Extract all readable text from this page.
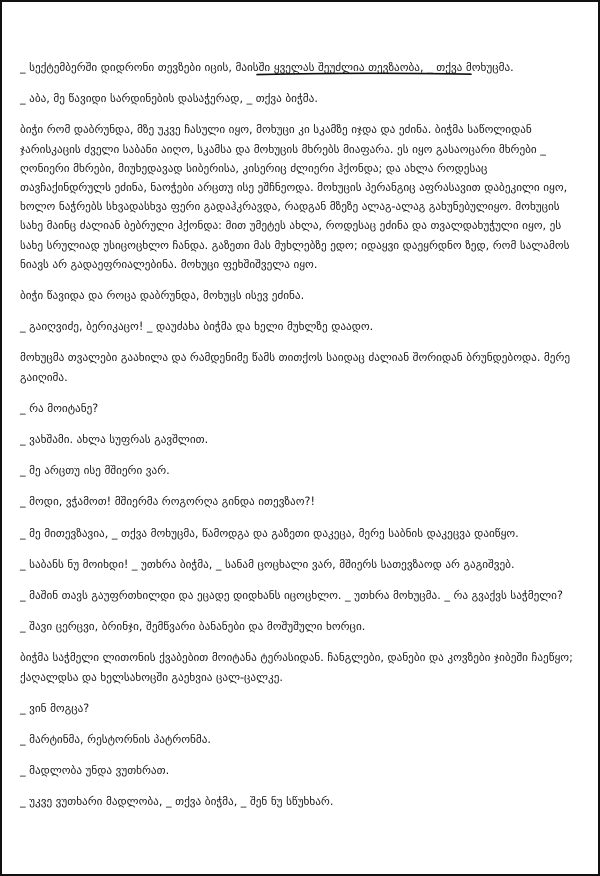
_ სექტემბერში დიდრონი თევზები იცის, მაისში ყველას შეუძლია თევზაობა, _ თქვა მოხუცმა.

_ აბა, მე წავიდი სარდინების დასაჭერად, _ თქვა ბიჭმა.

ბიჭი რომ დაბრუნდა, მზე უკვე ჩასული იყო, მოხუცი კი სკამზე იჯდა და ეძინა. ბიჭმა საწოლიდან ჯარისკაცის ძველი საბანი აიღო, სკამსა და მოხუცის მხრებს მიაფარა. ეს იყო გასაოცარი მხრები _ ღონიერი მხრები, მიუხედავად სიბერისა, კისერიც ძლიერი ჰქონდა; და ახლა როდესაც თავჩაქინდრულს ეძინა, ნაოჭები არცთუ ისე ეშჩნეოდა. მოხუცის პერანგიც აფრასავით დაბეკილი იყო, ხოლო ნაჭრებს სხვადასხვა ფერი გადაჰკრავდა, რადგან მზეზე ალაგ-ალაგ გახუნებულიყო. მოხუცის სახე მაინც ძალიან ბებრული ჰქონდა: მით უმეტეს ახლა, როდესაც ეძინა და თვალდახუჭული იყო, ეს სახე სრულიად უსიცოცხლო ჩანდა. გაზეთი მას მუხლებზე ედო; იდაყვი დაეყრდნო ზედ, რომ სალამოს ნიავს არ გადაეფრიალებინა. მოხუცი ფეხშიშველა იყო.

ბიჭი წავიდა და როცა დაბრუნდა, მოხუცს ისევ ეძინა.

_ გაიღვიძე, ბერიკაცო! _ დაუძახა ბიჭმა და ხელი მუხლზე დაადო.

მოხუცმა თვალები გაახილა და რამდენიმე წამს თითქოს საიდაც ძალიან შორიდან ბრუნდებოდა. მერე გაიღიმა.

_ რა მოიტანე?

_ ვახშამი. ახლა სუფრას გავშლით.

_ მე არცთუ ისე მშიერი ვარ.

_ მოდი, ვჭამოთ! მშიერმა როგორღა გინდა ითევზაო?!

_ მე მითევზავია, _ თქვა მოხუცმა, წამოდგა და გაზეთი დაკეცა, მერე საბნის დაკეცვა დაიწყო.

_ საბანს ნუ მოიხდი! _ უთხრა ბიჭმა, _ სანამ ცოცხალი ვარ, მშიერს სათევზაოდ არ გაგიშვებ.

_ მაშინ თავს გაუფრთხილდი და ეცადე დიდხანს იცოცხლო. _ უთხრა მოხუცმა. _ რა გვაქვს საჭმელი?

_ შავი ცერცვი, ბრინჯი, შემწვარი ბანანები და მოშუშული ხორცი.

ბიჭმა საჭმელი ლითონის ქვაბებით მოიტანა ტერასიდან. ჩანგლები, დანები და კოვზები ჯიბეში ჩაეწყო; ქაღალდსა და ხელსახოცში გაეხვია ცალ-ცალკე.

_ ვინ მოგცა?

_ მარტინმა, რესტორნის პატრონმა.

_ მადლობა უნდა ვუთხრათ.

_ უკვე ვუთხარი მადლობა, _ თქვა ბიჭმა, _ შენ ნუ სწუხხარ.
